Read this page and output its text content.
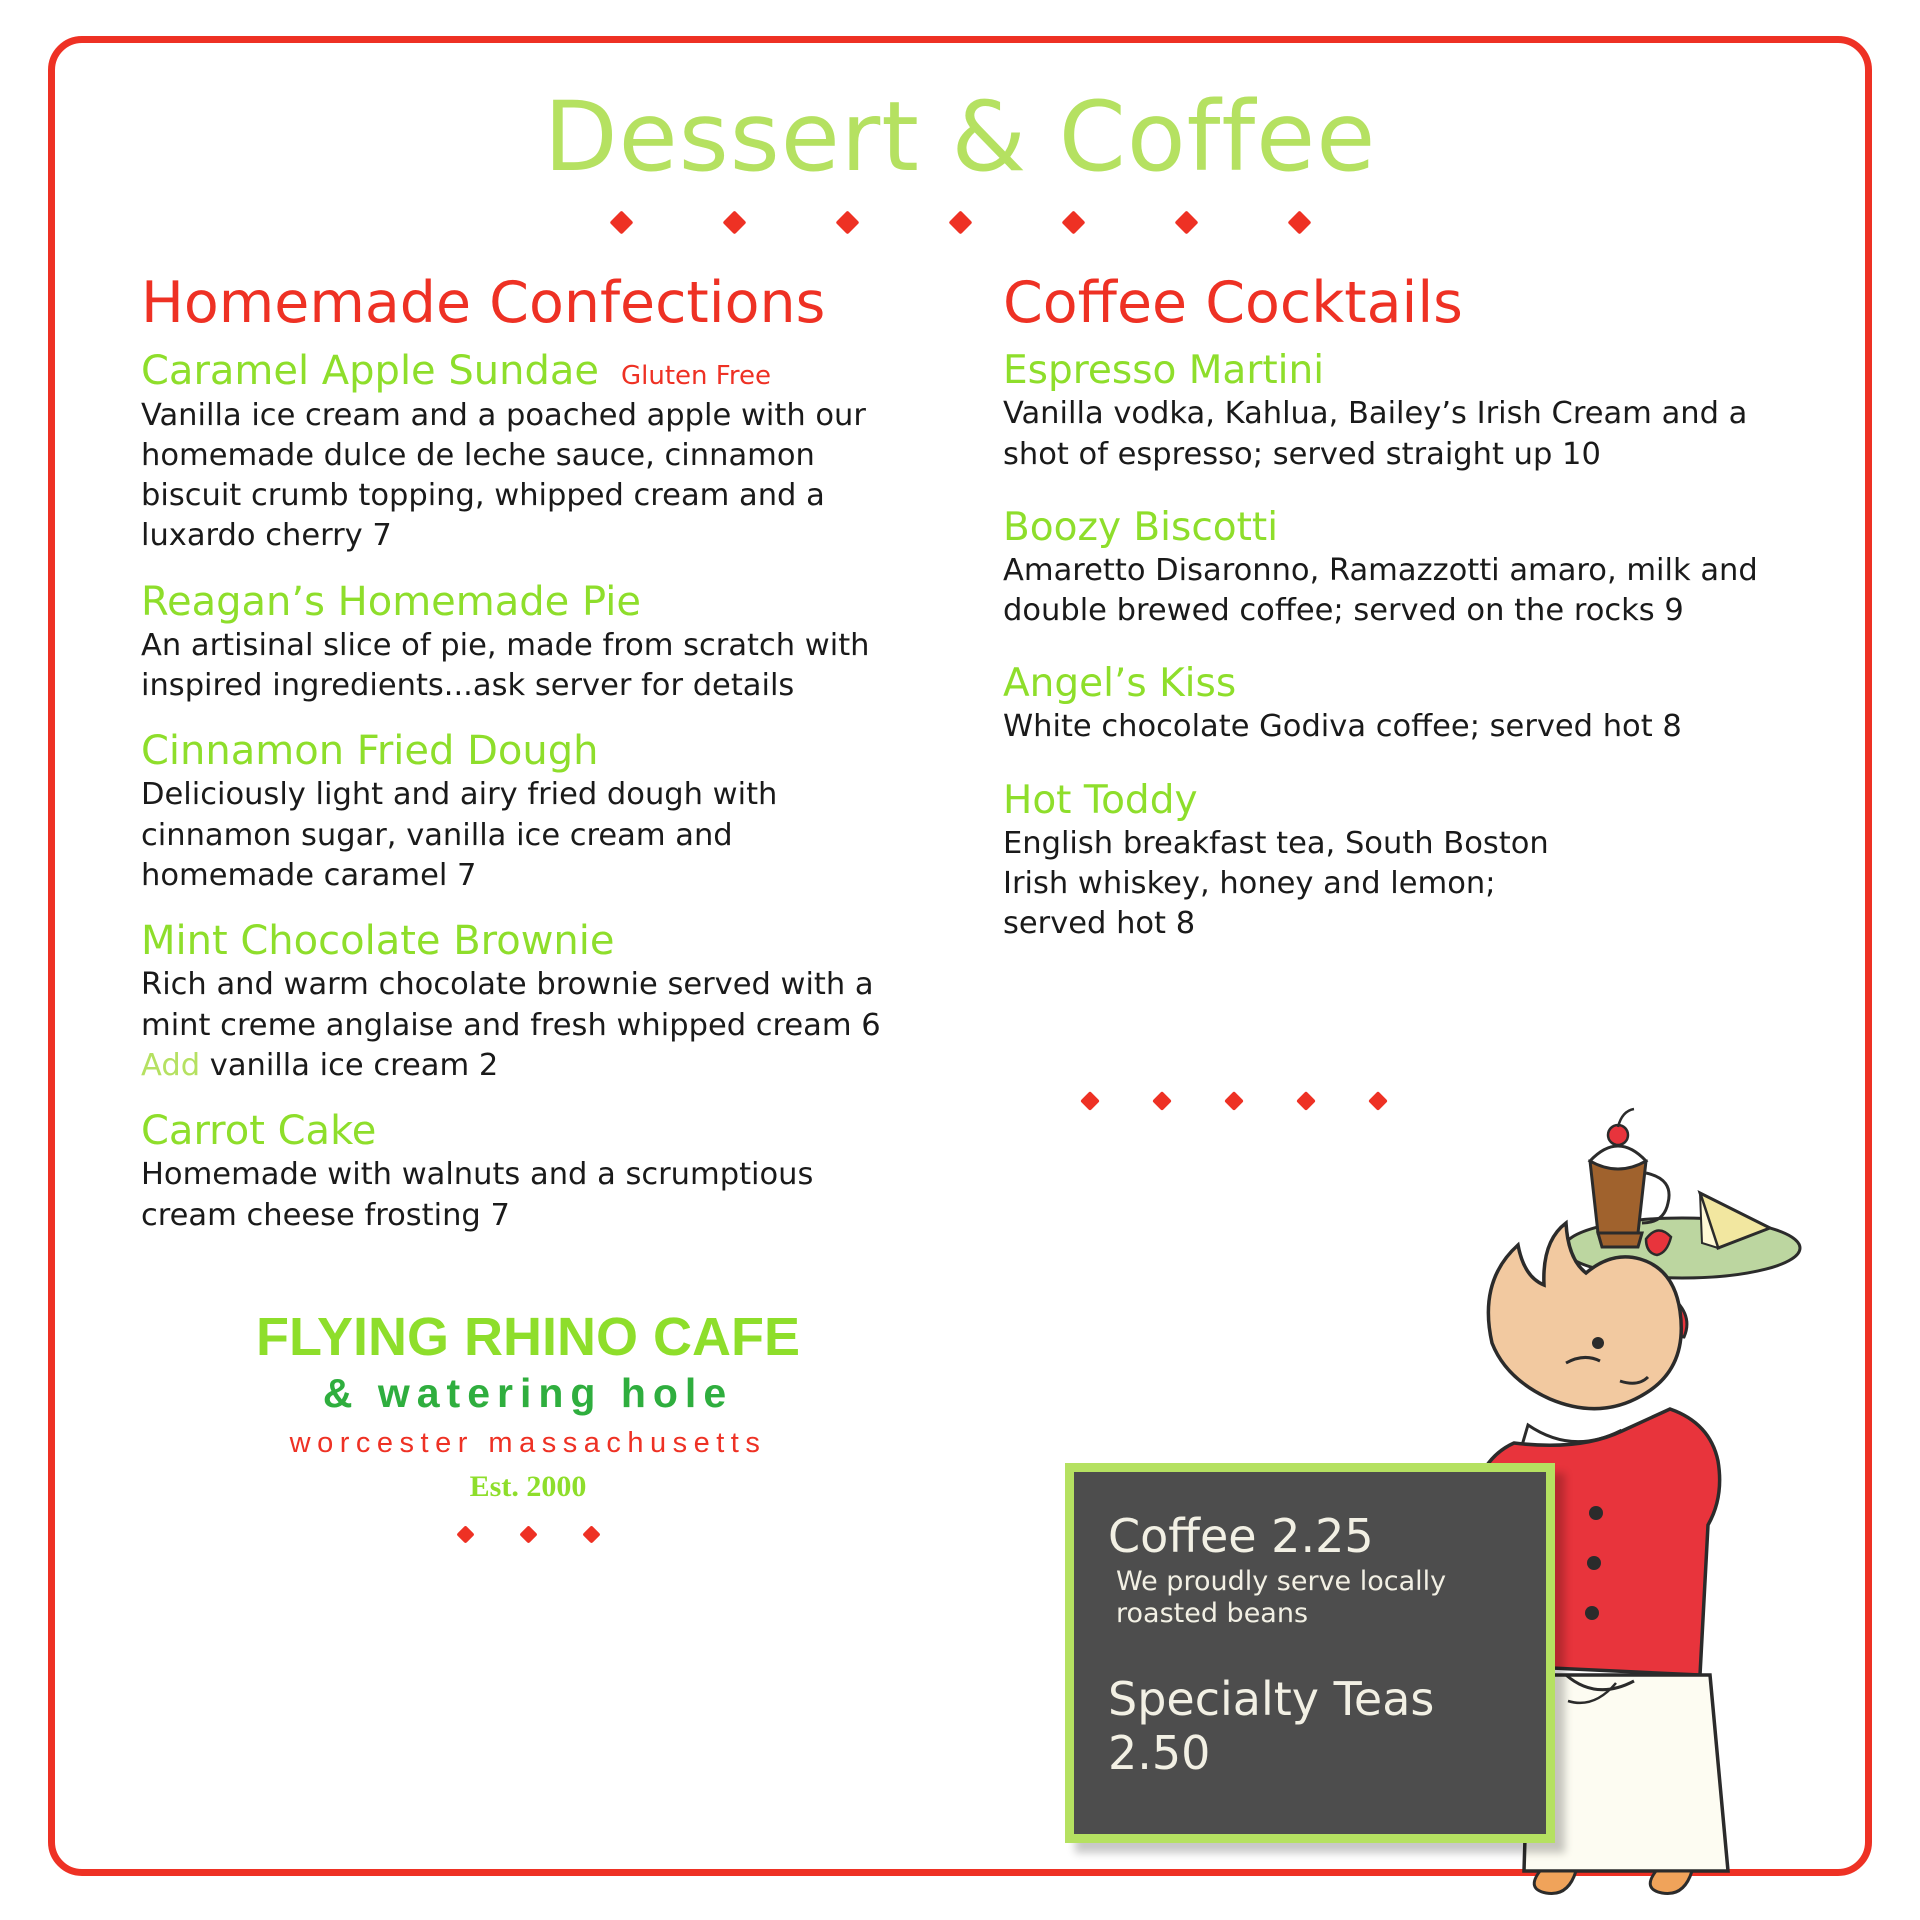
Dessert & Coffee
Homemade Confections
Caramel Apple Sundae Gluten Free
Vanilla ice cream and a poached apple with our homemade dulce de leche sauce, cinnamon biscuit crumb topping, whipped cream and a luxardo cherry 7
Reagan’s Homemade Pie
An artisinal slice of pie, made from scratch with inspired ingredients...ask server for details
Cinnamon Fried Dough
Deliciously light and airy fried dough with cinnamon sugar, vanilla ice cream and homemade caramel 7
Mint Chocolate Brownie
Rich and warm chocolate brownie served with a mint creme anglaise and fresh whipped cream 6
Add vanilla ice cream 2
Carrot Cake
Homemade with walnuts and a scrumptious cream cheese frosting 7
FLYING RHINO CAFE
& watering hole
worcester massachusetts
Est. 2000
Coffee Cocktails
Espresso Martini
Vanilla vodka, Kahlua, Bailey’s Irish Cream and a shot of espresso; served straight up 10
Boozy Biscotti
Amaretto Disaronno, Ramazzotti amaro, milk and double brewed coffee; served on the rocks 9
Angel’s Kiss
White chocolate Godiva coffee; served hot 8
Hot Toddy
English breakfast tea, South Boston Irish whiskey, honey and lemon; served hot 8
Coffee 2.25
We proudly serve locally roasted beans
Specialty Teas 2.50
